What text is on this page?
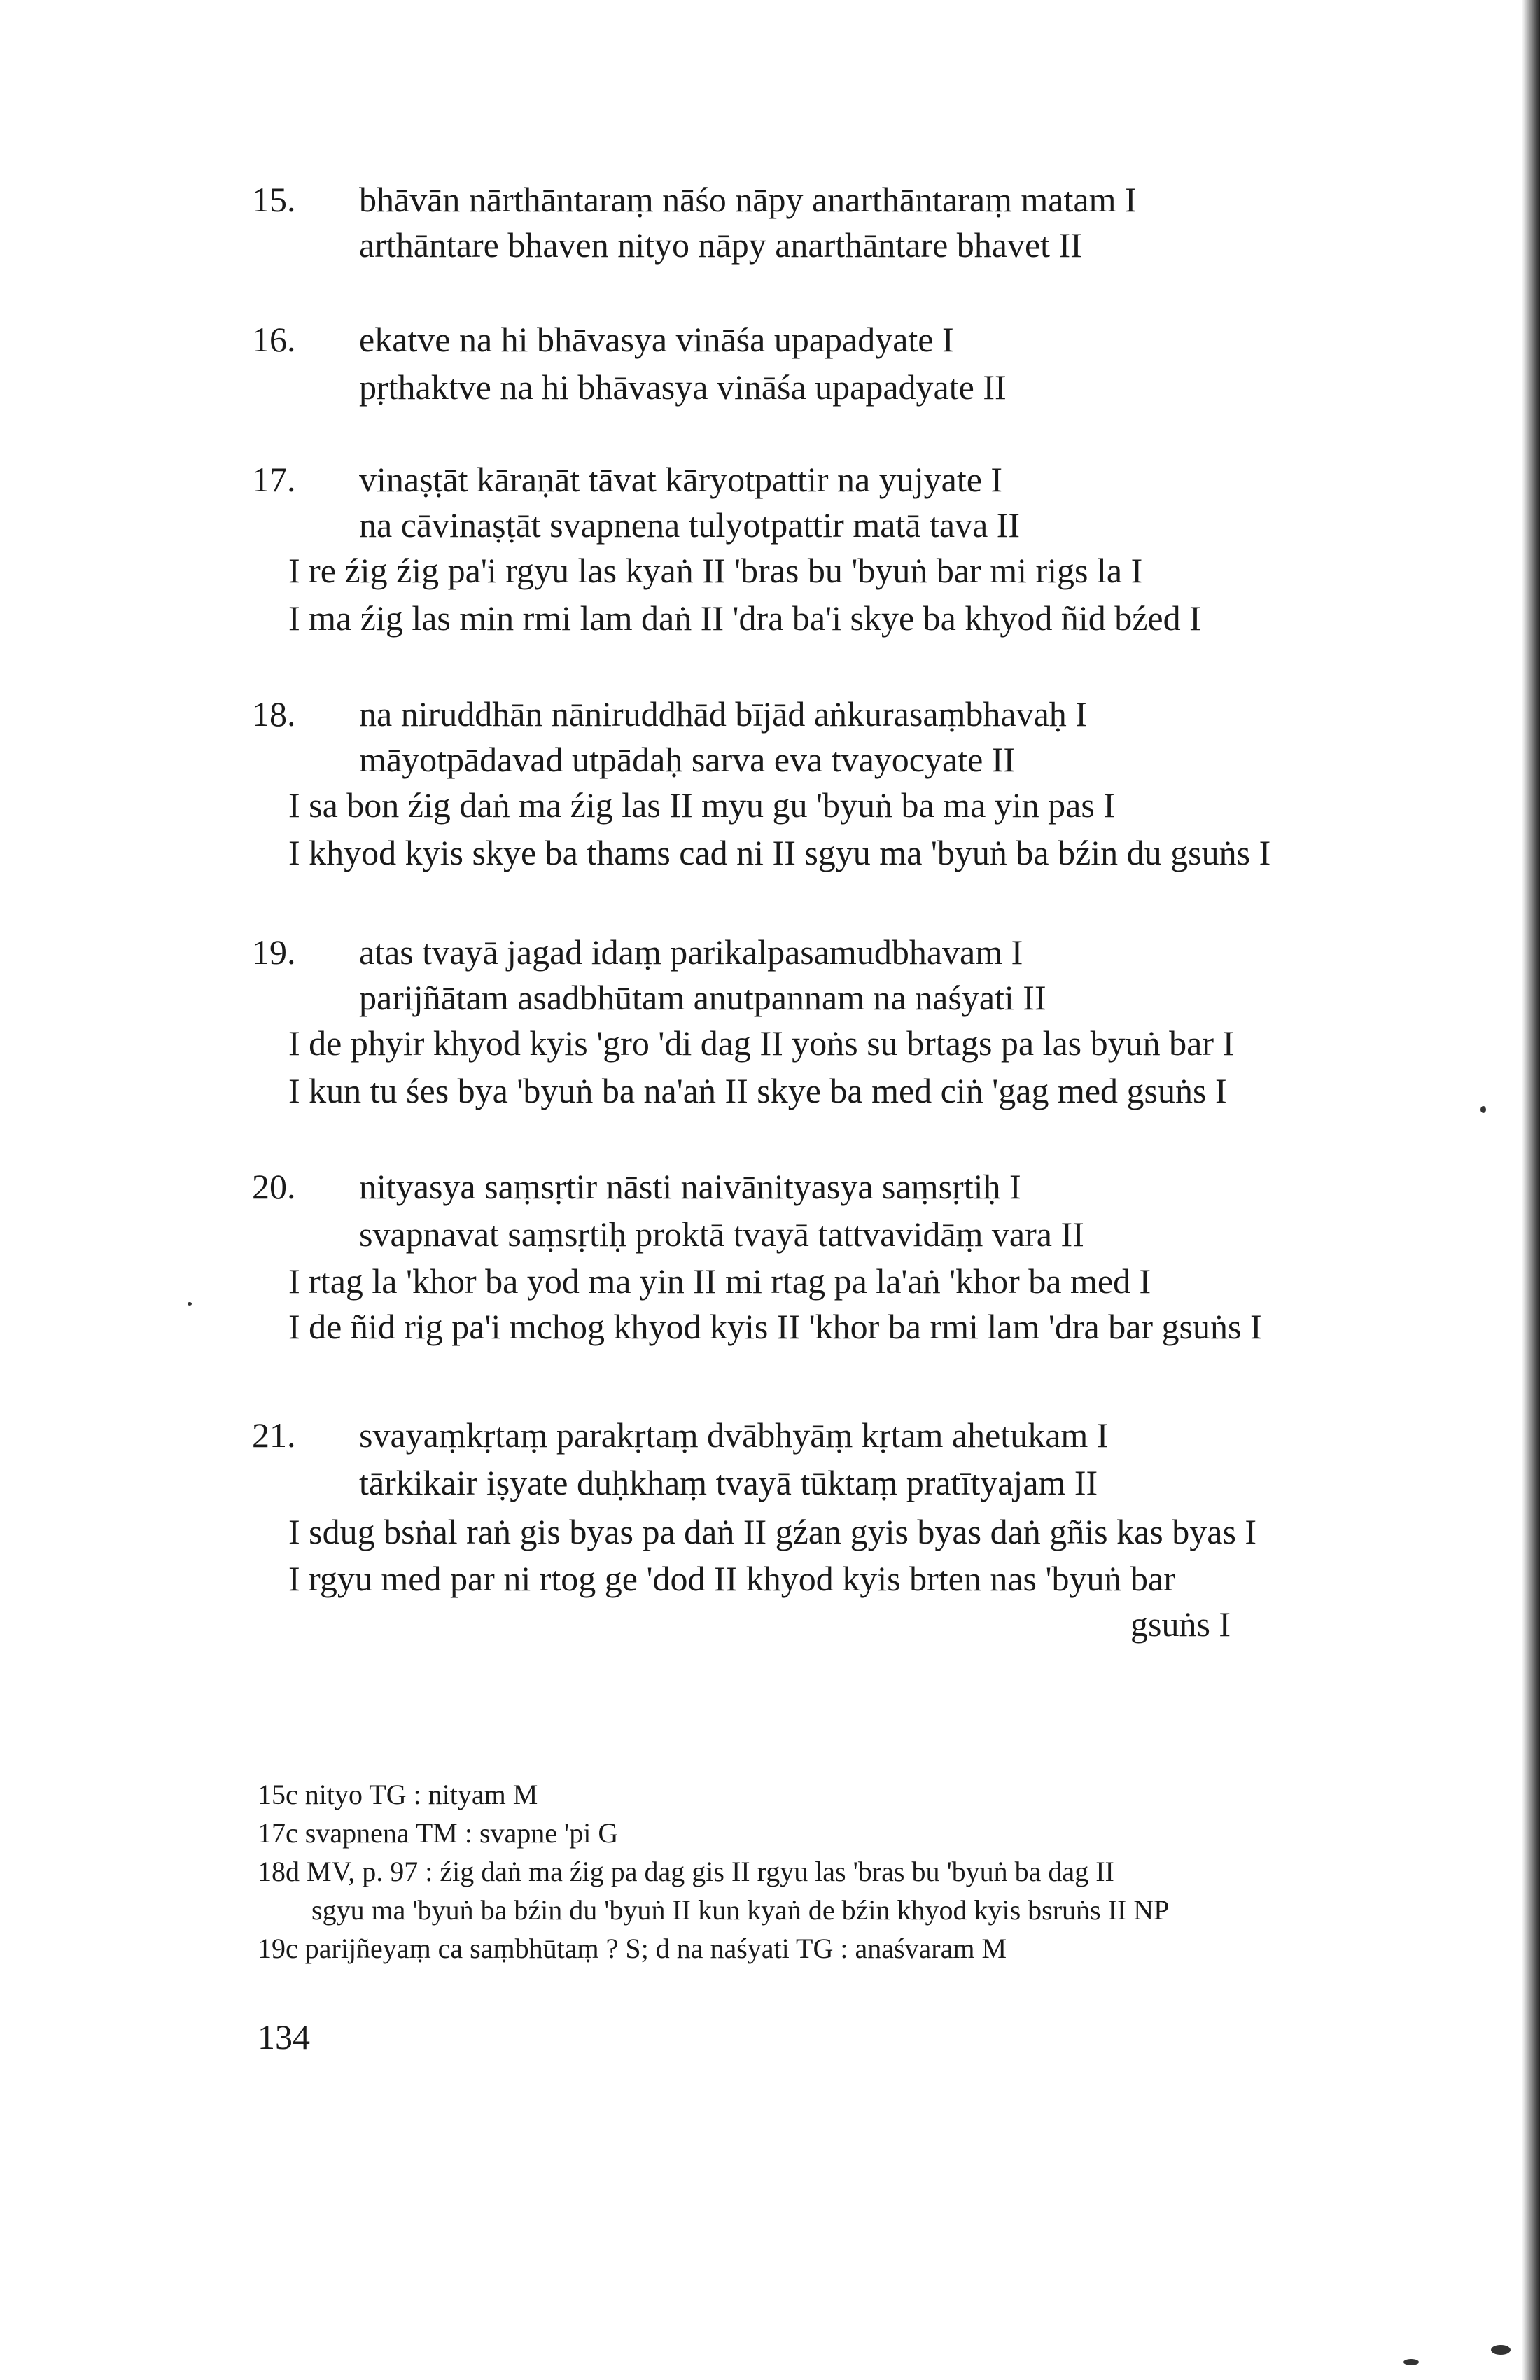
15.	bhāvān nārthāntaraṃ nāśo nāpy anarthāntaraṃ matam I
arthāntare bhaven nityo nāpy anarthāntare bhavet II
16.	ekatve na hi bhāvasya vināśa upapadyate I
pṛthaktve na hi bhāvasya vināśa upapadyate II
17.	vinaṣṭāt kāraṇāt tāvat kāryotpattir na yujyate I
na cāvinaṣṭāt svapnena tulyotpattir matā tava II
I re źig źig pa'i rgyu las kyaṅ II 'bras bu 'byuṅ bar mi rigs la I
I ma źig las min rmi lam daṅ II 'dra ba'i skye ba khyod ñid bźed I
18.	na niruddhān nāniruddhād bījād aṅkurasaṃbhavaḥ I
māyotpādavad utpādaḥ sarva eva tvayocyate II
I sa bon źig daṅ ma źig las II myu gu 'byuṅ ba ma yin pas I
I khyod kyis skye ba thams cad ni II sgyu ma 'byuṅ ba bźin du gsuṅs I
19.	atas tvayā jagad idaṃ parikalpasamudbhavam I
parijñātam asadbhūtam anutpannam na naśyati II
I de phyir khyod kyis 'gro 'di dag II yoṅs su brtags pa las byuṅ bar I
I kun tu śes bya 'byuṅ ba na'aṅ II skye ba med ciṅ 'gag med gsuṅs I
20.	nityasya saṃsṛtir nāsti naivānityasya saṃsṛtiḥ I
svapnavat saṃsṛtiḥ proktā tvayā tattvavidāṃ vara II
I rtag la 'khor ba yod ma yin II mi rtag pa la'aṅ 'khor ba med I
I de ñid rig pa'i mchog khyod kyis II 'khor ba rmi lam 'dra bar gsuṅs I
21.	svayaṃkṛtaṃ parakṛtaṃ dvābhyāṃ kṛtam ahetukam I
tārkikair iṣyate duḥkhaṃ tvayā tūktaṃ pratītyajam II
I sdug bsṅal raṅ gis byas pa daṅ II gźan gyis byas daṅ gñis kas byas I
I rgyu med par ni rtog ge 'dod II khyod kyis brten nas 'byuṅ bar
gsuṅs I
15c nityo TG : nityam M
17c svapnena TM : svapne 'pi G
18d MV, p. 97 : źig daṅ ma źig pa dag gis II rgyu las 'bras bu 'byuṅ ba dag II
sgyu ma 'byuṅ ba bźin du 'byuṅ II kun kyaṅ de bźin khyod kyis bsruṅs II NP
19c parijñeyaṃ ca saṃbhūtaṃ ? S; d na naśyati TG : anaśvaram M
134
